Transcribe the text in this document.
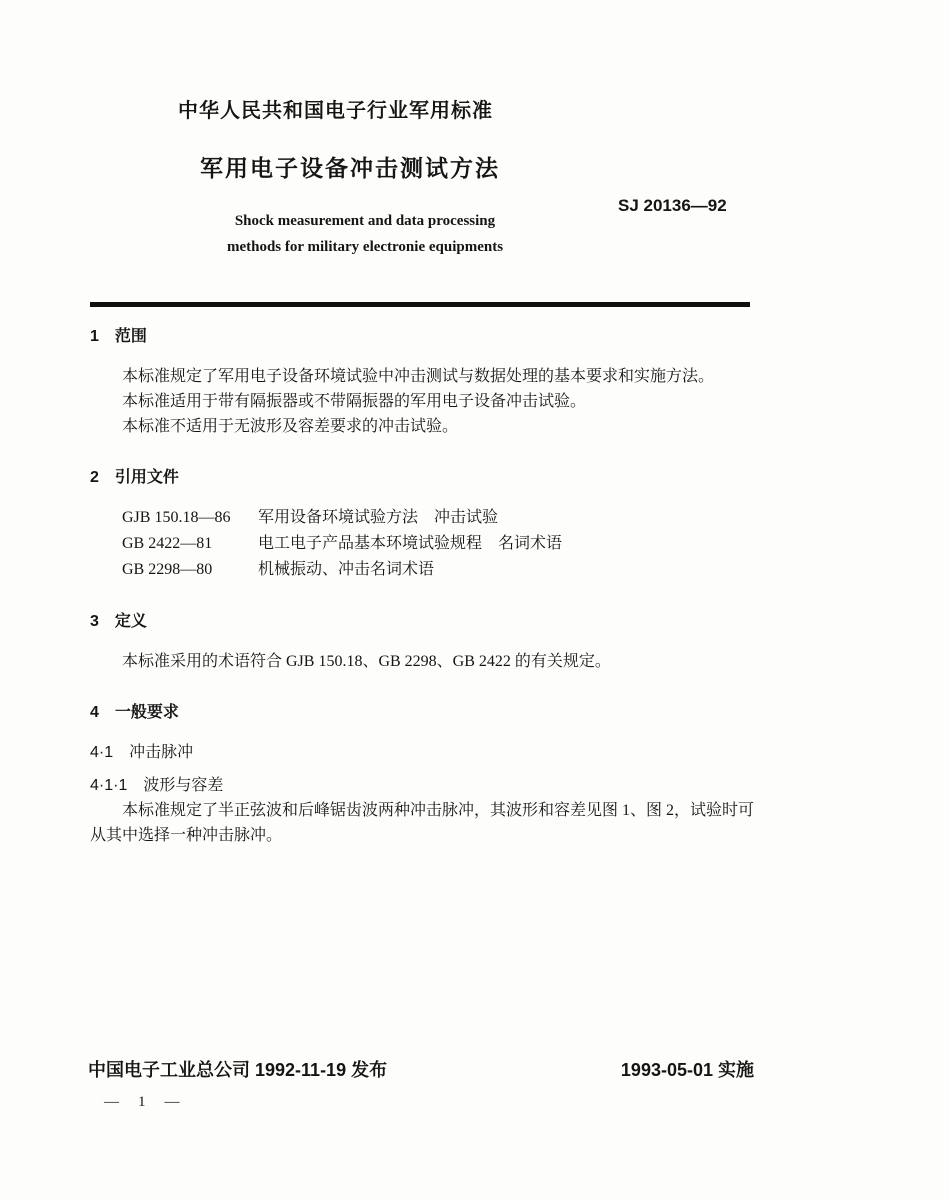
中华人民共和国电子行业军用标准
军用电子设备冲击测试方法
SJ 20136—92
Shock measurement and data processing
methods for military electronie equipments
1　范围

本标准规定了军用电子设备环境试验中冲击测试与数据处理的基本要求和实施方法。

本标准适用于带有隔振器或不带隔振器的军用电子设备冲击试验。

本标准不适用于无波形及容差要求的冲击试验。

2　引用文件
GJB 150.18—86	军用设备环境试验方法　冲击试验
GB 2422—81	电工电子产品基本环境试验规程　名词术语
GB 2298—80	机械振动、冲击名词术语
3　定义

本标准采用的术语符合 GJB 150.18、GB 2298、GB 2422 的有关规定。

4　一般要求
4·1　冲击脉冲
4·1·1　波形与容差

本标准规定了半正弦波和后峰锯齿波两种冲击脉冲，其波形和容差见图 1、图 2，试验时可从其中选择一种冲击脉冲。

中国电子工业总公司 1992-11-19 发布	1993-05-01 实施
—　1　—
